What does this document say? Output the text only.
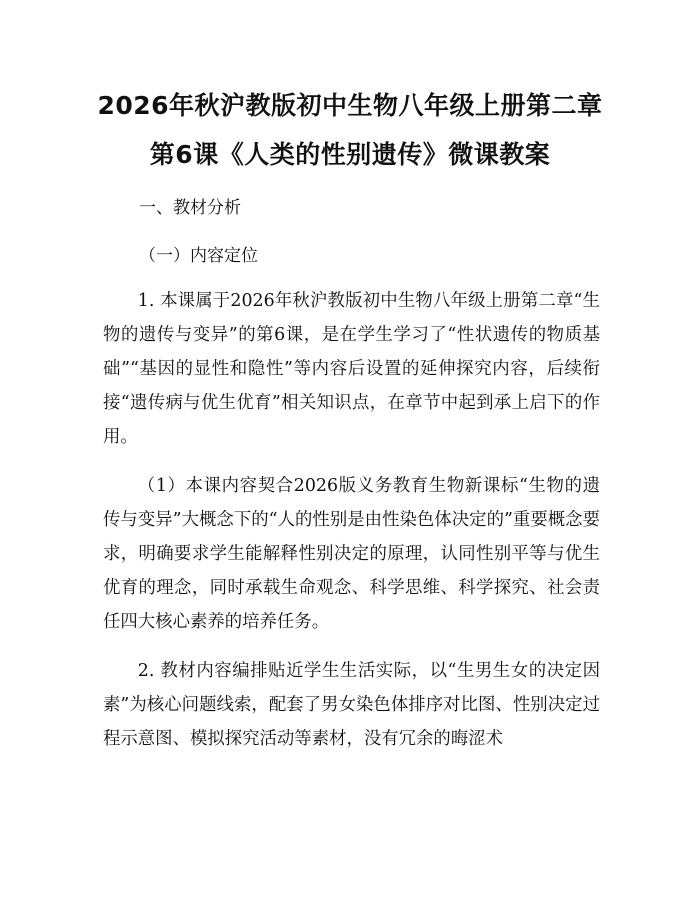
2026年秋沪教版初中生物八年级上册第二章
第6课《人类的性别遗传》微课教案
一、教材分析
（一）内容定位

1. 本课属于2026年秋沪教版初中生物八年级上册第二章“生物的遗传与变异”的第6课，是在学生学习了“性状遗传的物质基础”“基因的显性和隐性”等内容后设置的延伸探究内容，后续衔接“遗传病与优生优育”相关知识点，在章节中起到承上启下的作用。

（1）本课内容契合2026版义务教育生物新课标“生物的遗传与变异”大概念下的“人的性别是由性染色体决定的”重要概念要求，明确要求学生能解释性别决定的原理，认同性别平等与优生优育的理念，同时承载生命观念、科学思维、科学探究、社会责任四大核心素养的培养任务。

2. 教材内容编排贴近学生生活实际，以“生男生女的决定因素”为核心问题线索，配套了男女染色体排序对比图、性别决定过程示意图、模拟探究活动等素材，没有冗余的晦涩术
